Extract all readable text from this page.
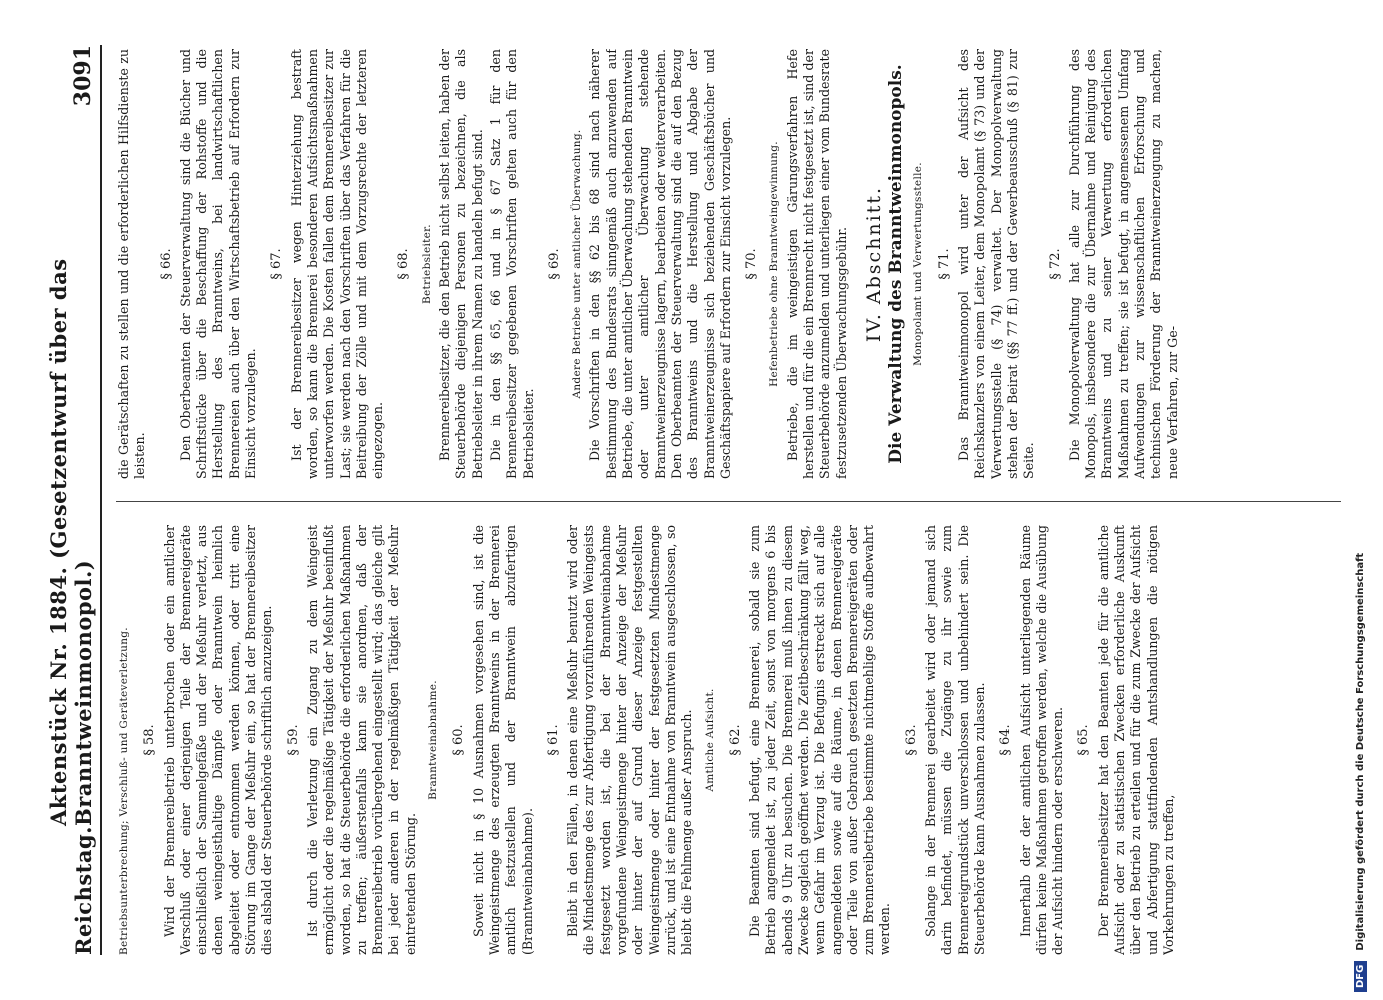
Reichstag.
Aktenstück Nr. 1884. (Gesetzentwurf über das Branntweinmonopol.)
3091
Betriebsunterbrechung; Verschluß- und Geräteverletzung. § 58. Wird der Brennereibetrieb unterbrochen oder ein amtlicher Verschluß oder einer derjenigen Teile der Brennereigeräte einschließlich der Sammelgefäße und der Meßuhr verletzt, aus denen weingeisthaltige Dämpfe oder Branntwein heimlich abgeleitet oder entnommen werden können, oder tritt eine Störung im Gange der Meßuhr ein, so hat der Brennereibesitzer dies alsbald der Steuerbehörde schriftlich anzuzeigen. § 59. Ist durch die Verletzung ein Zugang zu dem Weingeist ermöglicht oder die regelmäßige Tätigkeit der Meßuhr beeinflußt worden, so hat die Steuerbehörde die erforderlichen Maßnahmen zu treffen; äußerstenfalls kann sie anordnen, daß der Brennereibetrieb vorübergehend eingestellt wird; das gleiche gilt bei jeder anderen in der regelmäßigen Tätigkeit der Meßuhr eintretenden Störung.

Branntweinabnahme. § 60. Soweit nicht in § 10 Ausnahmen vorgesehen sind, ist die Weingeistmenge des erzeugten Branntweins in der Brennerei amtlich festzustellen und der Branntwein abzufertigen (Branntweinabnahme).

§ 61. Bleibt in den Fällen, in denen eine Meßuhr benutzt wird oder die Mindestmenge des zur Abfertigung vorzuführenden Weingeists festgesetzt worden ist, die bei der Branntweinabnahme vorgefundene Weingeistmenge hinter der Anzeige der Meßuhr oder hinter der auf Grund dieser Anzeige festgestellten Weingeistmenge oder hinter der festgesetzten Mindestmenge zurück, und ist eine Entnahme von Branntwein ausgeschlossen, so bleibt die Fehlmenge außer Anspruch. Amtliche Aufsicht. § 62. Die Beamten sind befugt, eine Brennerei, sobald sie zum Betrieb angemeldet ist, zu jeder Zeit, sonst von morgens 6 bis abends 9 Uhr zu besuchen. Die Brennerei muß ihnen zu diesem Zwecke sogleich geöffnet werden. Die Zeitbeschränkung fällt weg, wenn Gefahr im Verzug ist. Die Befugnis erstreckt sich auf alle angemeldeten sowie auf die Räume, in denen Brennereigeräte oder Teile von außer Gebrauch gesetzten Brennereigeräten oder zum Brennereibetriebe bestimmte nichtmehlige Stoffe aufbewahrt werden.

§ 63. Solange in der Brennerei gearbeitet wird oder jemand sich darin befindet, müssen die Zugänge zu ihr sowie zum Brennereigrundstück unverschlossen und unbehindert sein. Die Steuerbehörde kann Ausnahmen zulassen. § 64. Innerhalb der der amtlichen Aufsicht unterliegenden Räume dürfen keine Maßnahmen getroffen werden, welche die Ausübung der Aufsicht hindern oder erschweren. § 65. Der Brennereibesitzer hat den Beamten jede für die amtliche Aufsicht oder zu statistischen Zwecken erforderliche Auskunft über den Betrieb zu erteilen und für die zum Zwecke der Aufsicht und Abfertigung stattfindenden Amtshandlungen die nötigen Vorkehrungen zu treffen,

die Gerätschaften zu stellen und die erforderlichen Hilfsdienste zu leisten.

§ 66. Den Oberbeamten der Steuerverwaltung sind die Bücher und Schriftstücke über die Beschaffung der Rohstoffe und die Herstellung des Branntweins, bei landwirtschaftlichen Brennereien auch über den Wirtschaftsbetrieb auf Erfordern zur Einsicht vorzulegen.

§ 67. Ist der Brennereibesitzer wegen Hinterziehung bestraft worden, so kann die Brennerei besonderen Aufsichtsmaßnahmen unterworfen werden. Die Kosten fallen dem Brennereibesitzer zur Last; sie werden nach den Vorschriften über das Verfahren für die Beitreibung der Zölle und mit dem Vorzugsrechte der letzteren eingezogen.

§ 68. Betriebsleiter. Brennereibesitzer, die den Betrieb nicht selbst leiten, haben der Steuerbehörde diejenigen Personen zu bezeichnen, die als Betriebsleiter in ihrem Namen zu handeln befugt sind. Die in den §§ 65, 66 und in § 67 Satz 1 für den Brennereibesitzer gegebenen Vorschriften gelten auch für den Betriebsleiter.

§ 69. Andere Betriebe unter amtlicher Überwachung. Die Vorschriften in den §§ 62 bis 68 sind nach näherer Bestimmung des Bundesrats sinngemäß auch anzuwenden auf Betriebe, die unter amtlicher Überwachung stehenden Branntwein oder unter amtlicher Überwachung stehende Branntweinerzeugnisse lagern, bearbeiten oder weiterverarbeiten. Den Oberbeamten der Steuerverwaltung sind die auf den Bezug des Branntweins und die Herstellung und Abgabe der Branntweinerzeugnisse sich beziehenden Geschäftsbücher und Geschäftspapiere auf Erfordern zur Einsicht vorzulegen. § 70. Hefenbetriebe ohne Branntweingewinnung. Betriebe, die im weingeistigen Gärungsverfahren Hefe herstellen und für die ein Brennrecht nicht festgesetzt ist, sind der Steuerbehörde anzumelden und unterliegen einer vom Bundesrate festzusetzenden Überwachungsgebühr. IV. Abschnitt. Die Verwaltung des Branntweinmonopols. Monopolamt und Verwertungsstelle. § 71. Das Branntweinmonopol wird unter der Aufsicht des Reichskanzlers von einem Leiter, dem Monopolamt (§ 73) und der Verwertungsstelle (§ 74) verwaltet. Der Monopolverwaltung stehen der Beirat (§§ 77 ff.) und der Gewerbeausschuß (§ 81) zur Seite.

§ 72. Die Monopolverwaltung hat alle zur Durchführung des Monopols, insbesondere die zur Übernahme und Reinigung des Branntweins und zu seiner Verwertung erforderlichen Maßnahmen zu treffen; sie ist befugt, in angemessenem Umfang Aufwendungen zur wissenschaftlichen Erforschung und technischen Förderung der Branntweinerzeugung zu machen, neue Verfahren, zur Ge-

DFG
Digitalisierung gefördert durch die Deutsche Forschungsgemeinschaft
